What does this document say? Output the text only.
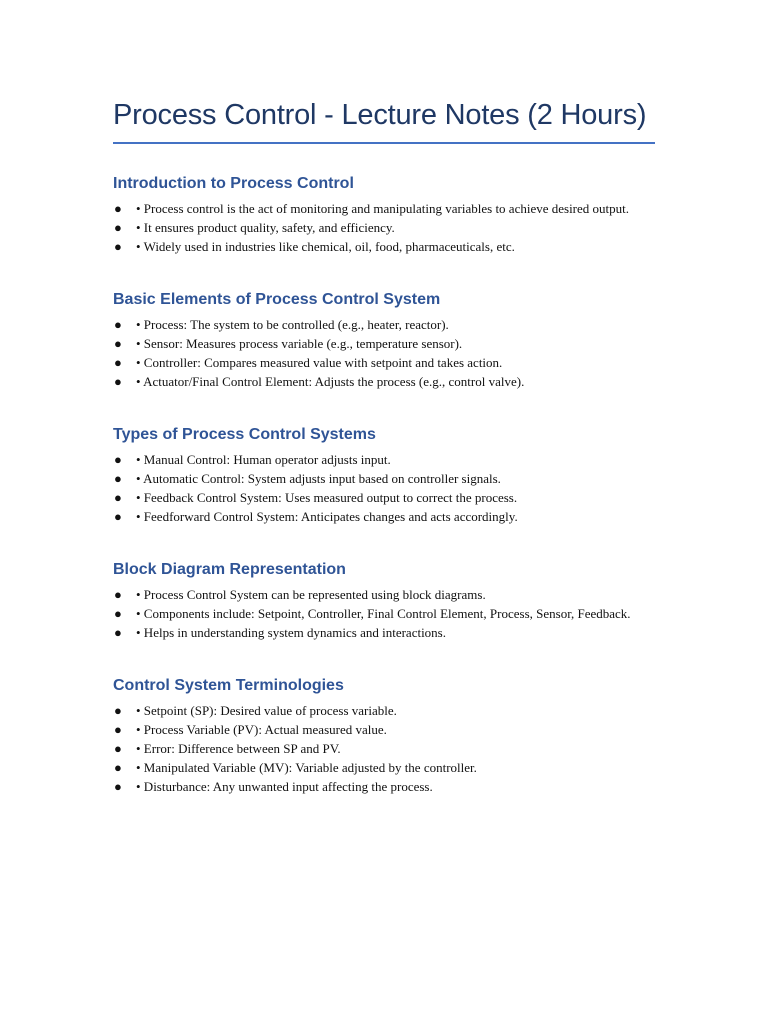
Process Control - Lecture Notes (2 Hours)
Introduction to Process Control
● • Process control is the act of monitoring and manipulating variables to achieve desired output.
● • It ensures product quality, safety, and efficiency.
● • Widely used in industries like chemical, oil, food, pharmaceuticals, etc.
Basic Elements of Process Control System
● • Process: The system to be controlled (e.g., heater, reactor).
● • Sensor: Measures process variable (e.g., temperature sensor).
● • Controller: Compares measured value with setpoint and takes action.
● • Actuator/Final Control Element: Adjusts the process (e.g., control valve).
Types of Process Control Systems
● • Manual Control: Human operator adjusts input.
● • Automatic Control: System adjusts input based on controller signals.
● • Feedback Control System: Uses measured output to correct the process.
● • Feedforward Control System: Anticipates changes and acts accordingly.
Block Diagram Representation
● • Process Control System can be represented using block diagrams.
● • Components include: Setpoint, Controller, Final Control Element, Process, Sensor, Feedback.
● • Helps in understanding system dynamics and interactions.
Control System Terminologies
● • Setpoint (SP): Desired value of process variable.
● • Process Variable (PV): Actual measured value.
● • Error: Difference between SP and PV.
● • Manipulated Variable (MV): Variable adjusted by the controller.
● • Disturbance: Any unwanted input affecting the process.
